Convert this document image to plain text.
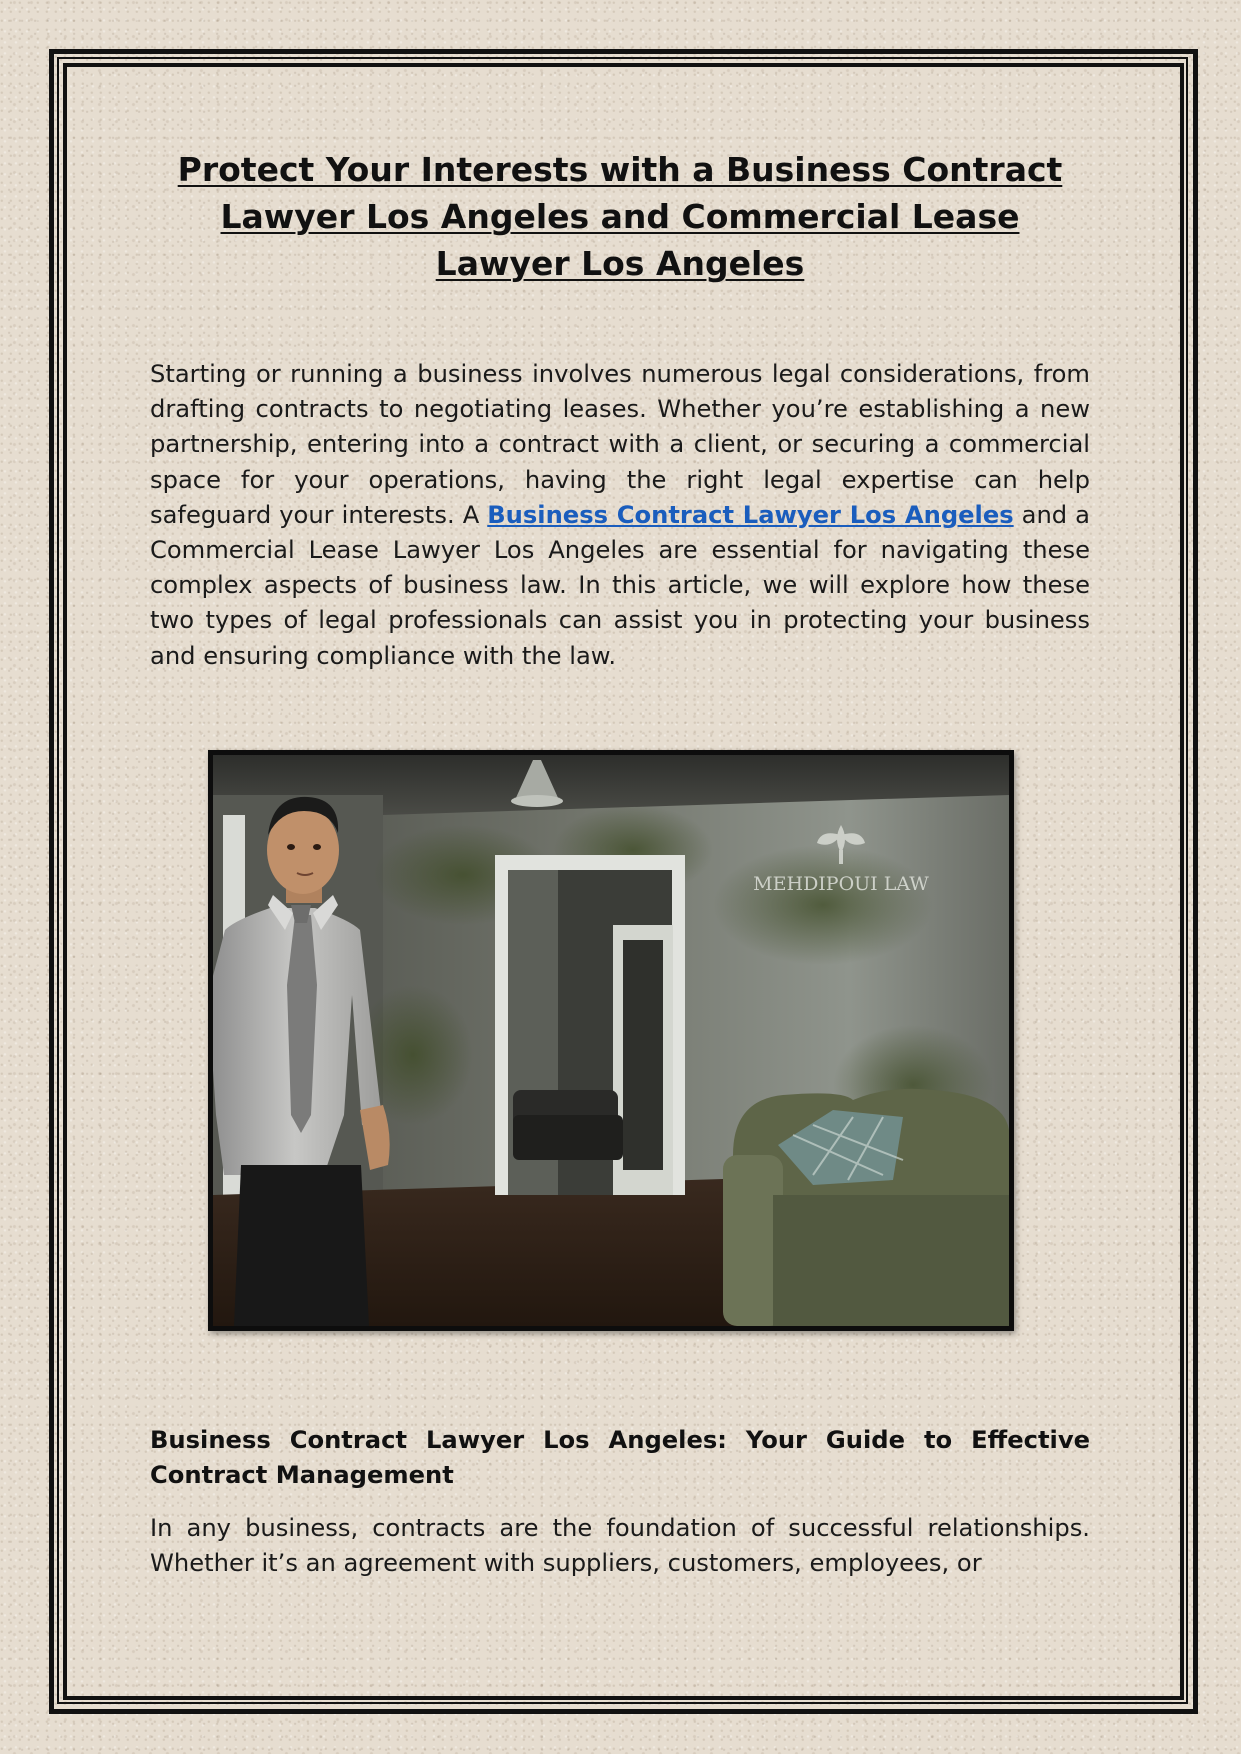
Protect Your Interests with a Business Contract Lawyer Los Angeles and Commercial Lease Lawyer Los Angeles

Starting or running a business involves numerous legal considerations, from drafting contracts to negotiating leases. Whether you’re establishing a new partnership, entering into a contract with a client, or securing a commercial space for your operations, having the right legal expertise can help safeguard your interests. A Business Contract Lawyer Los Angeles and a Commercial Lease Lawyer Los Angeles are essential for navigating these complex aspects of business law. In this article, we will explore how these two types of legal professionals can assist you in protecting your business and ensuring compliance with the law.

MEHDIPOUI LAW
Business Contract Lawyer Los Angeles: Your Guide to Effective Contract Management

In any business, contracts are the foundation of successful relationships. Whether it’s an agreement with suppliers, customers, employees, or
